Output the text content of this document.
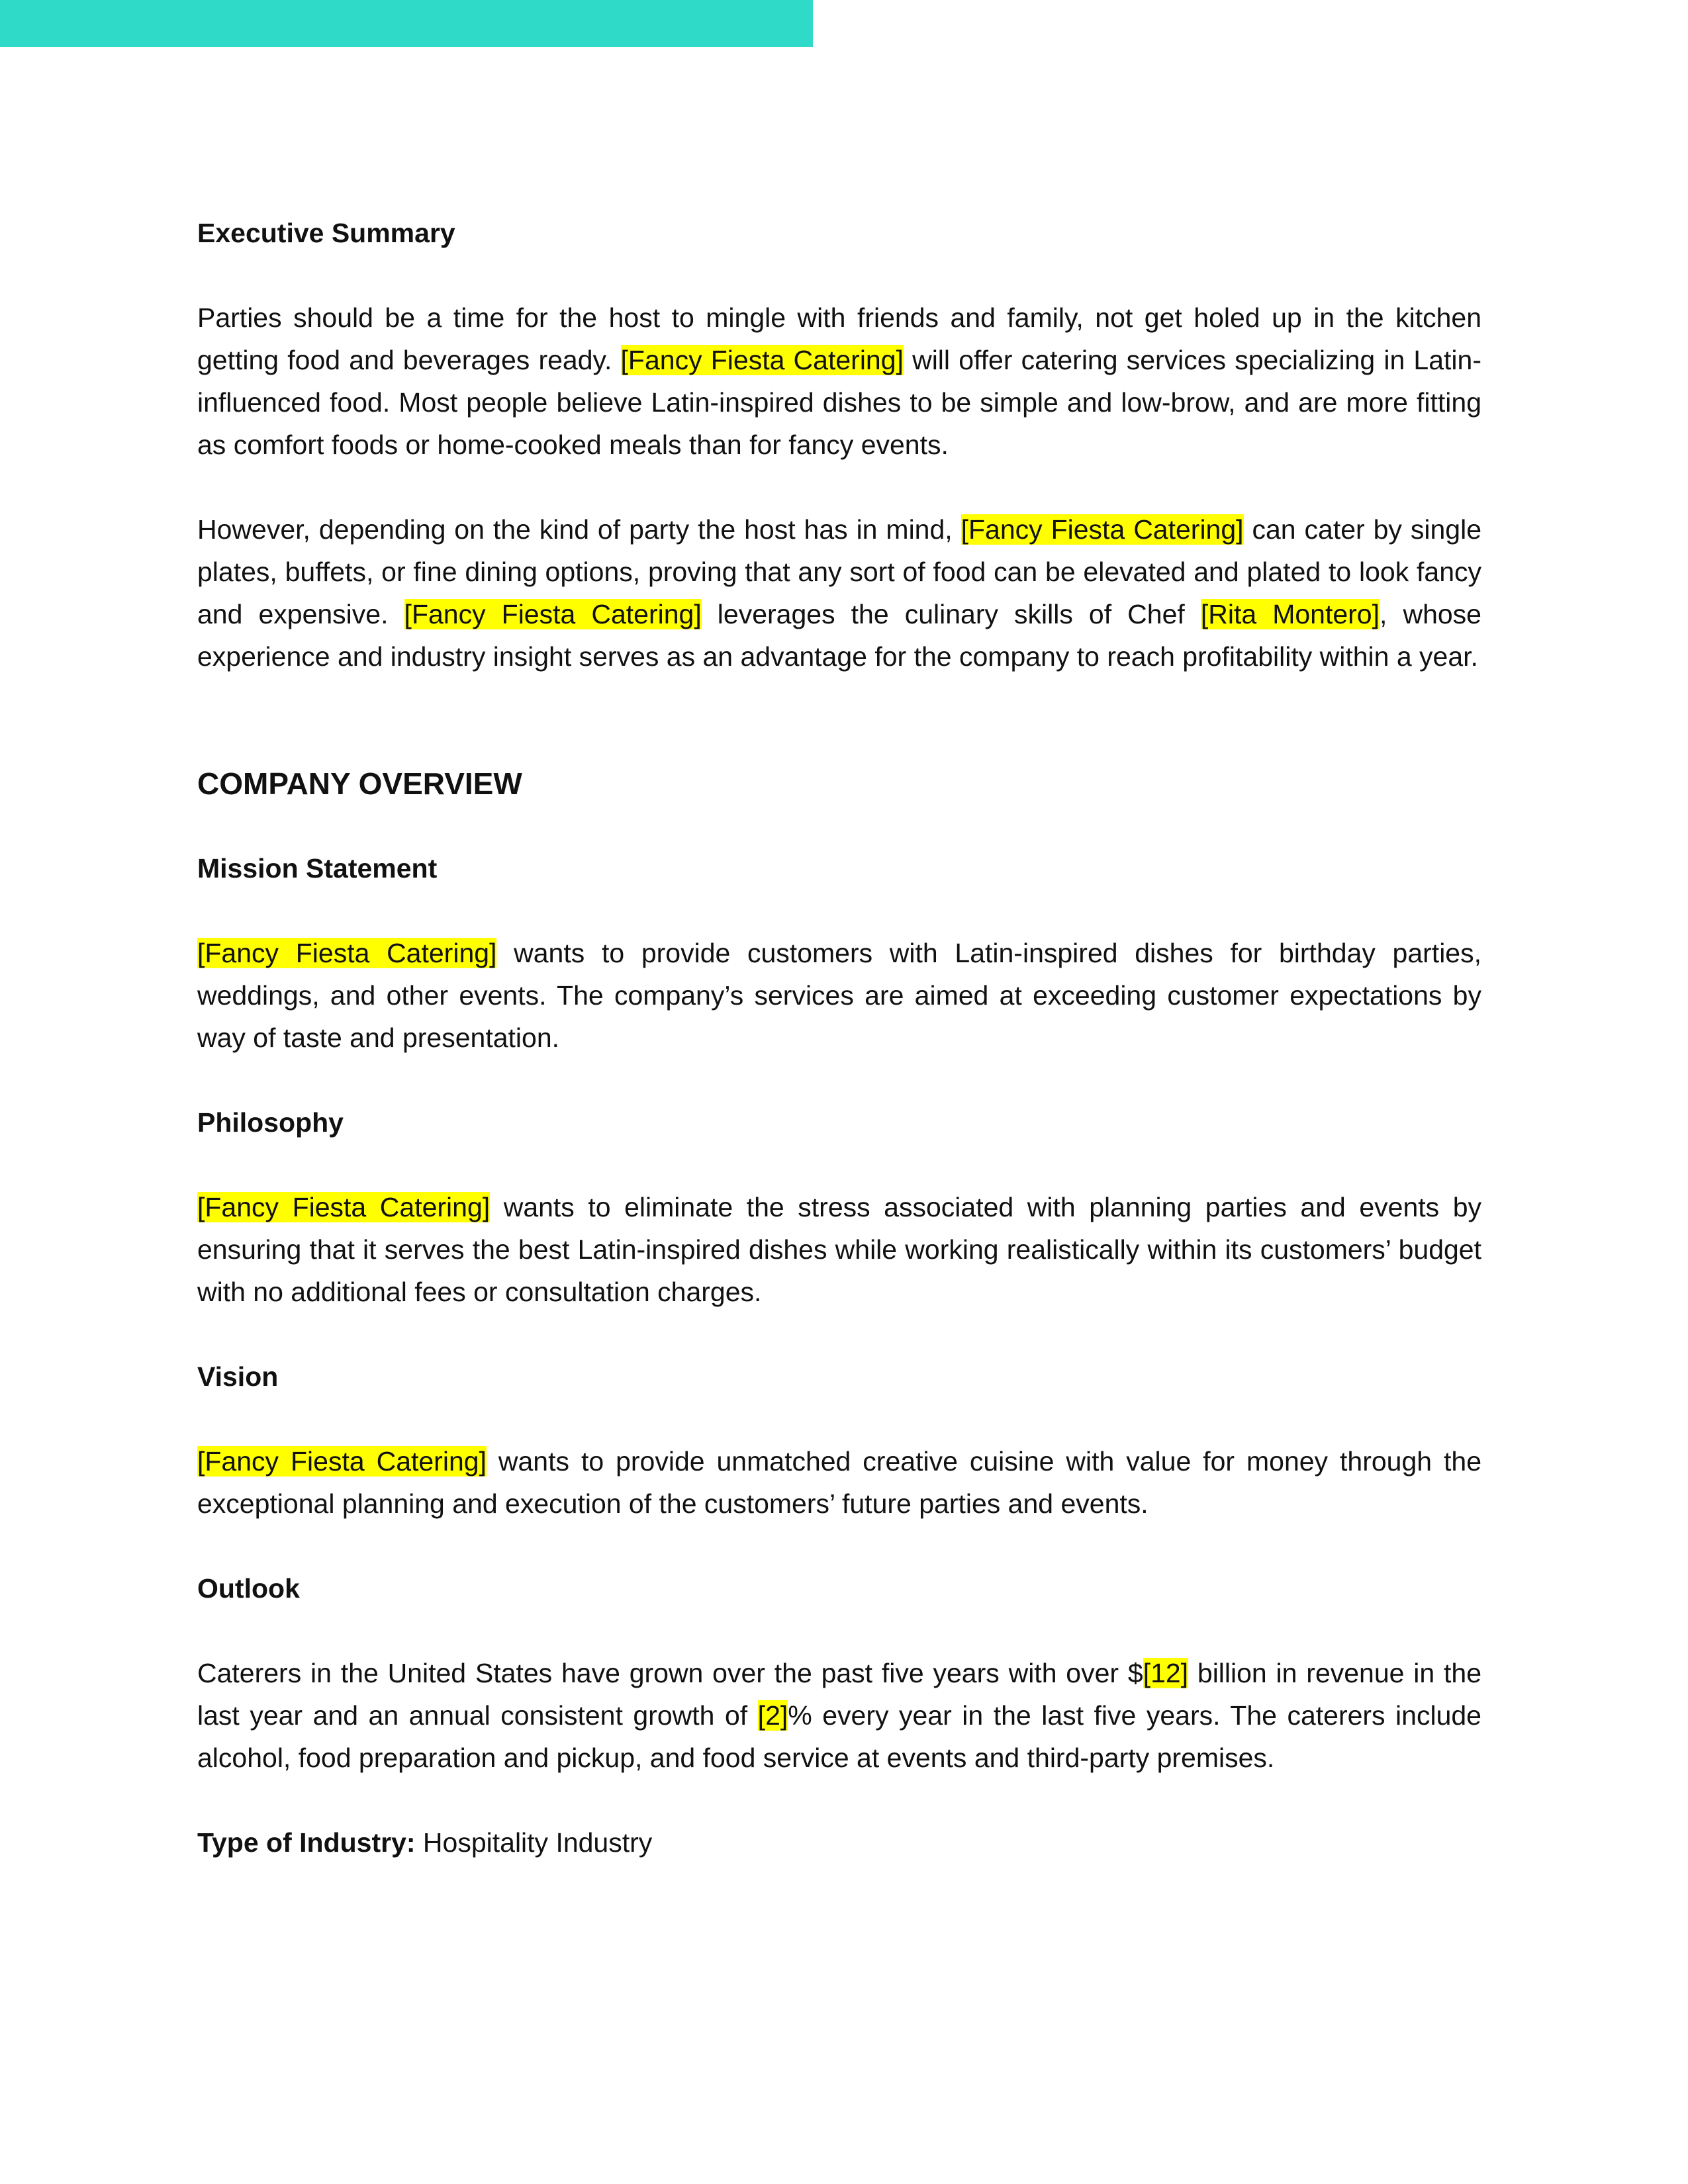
Executive Summary

Parties should be a time for the host to mingle with friends and family, not get holed up in the kitchen getting food and beverages ready. [Fancy Fiesta Catering] will offer catering services specializing in Latin-influenced food. Most people believe Latin-inspired dishes to be simple and low-brow, and are more fitting as comfort foods or home-cooked meals than for fancy events.

However, depending on the kind of party the host has in mind, [Fancy Fiesta Catering] can cater by single plates, buffets, or fine dining options, proving that any sort of food can be elevated and plated to look fancy and expensive. [Fancy Fiesta Catering] leverages the culinary skills of Chef [Rita Montero], whose experience and industry insight serves as an advantage for the company to reach profitability within a year.

COMPANY OVERVIEW

Mission Statement

[Fancy Fiesta Catering] wants to provide customers with Latin-inspired dishes for birthday parties, weddings, and other events. The company’s services are aimed at exceeding customer expectations by way of taste and presentation.

Philosophy

[Fancy Fiesta Catering] wants to eliminate the stress associated with planning parties and events by ensuring that it serves the best Latin-inspired dishes while working realistically within its customers’ budget with no additional fees or consultation charges.

Vision

[Fancy Fiesta Catering] wants to provide unmatched creative cuisine with value for money through the exceptional planning and execution of the customers’ future parties and events.

Outlook

Caterers in the United States have grown over the past five years with over $[12] billion in revenue in the last year and an annual consistent growth of [2]% every year in the last five years. The caterers include alcohol, food preparation and pickup, and food service at events and third-party premises.

Type of Industry: Hospitality Industry
